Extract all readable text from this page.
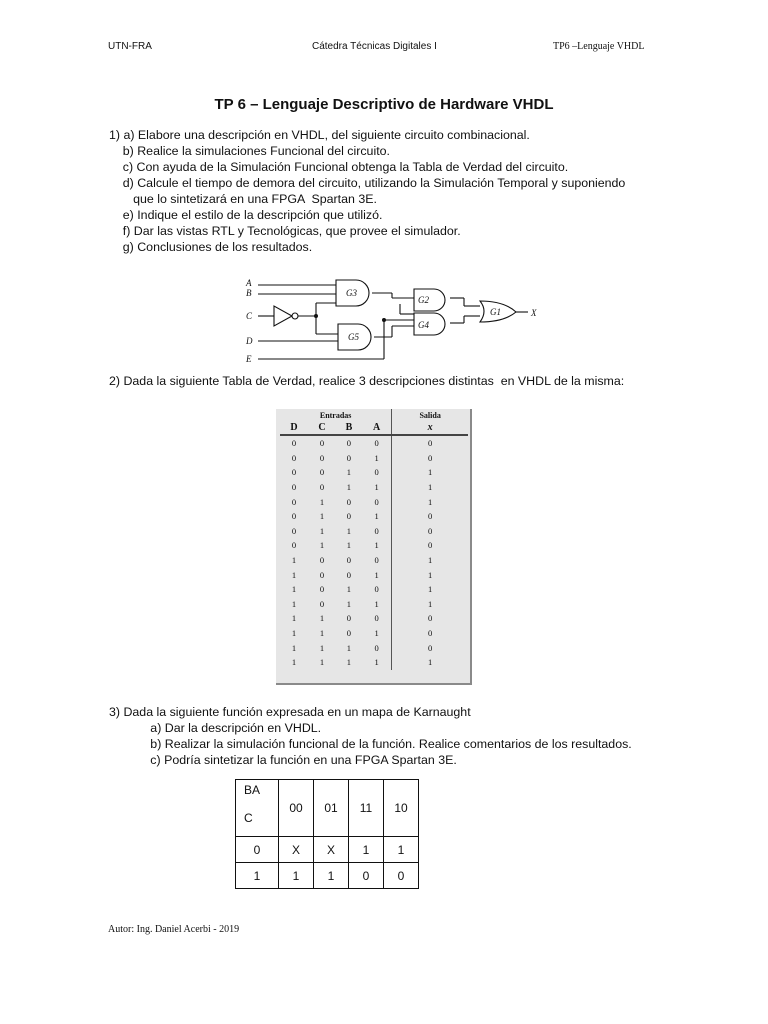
UTN-FRA	Cátedra Técnicas Digitales I	TP6 –Lenguaje VHDL
TP 6 – Lenguaje Descriptivo de Hardware VHDL
1) a) Elabore una descripción en VHDL, del siguiente circuito combinacional.
b) Realice la simulaciones Funcional del circuito.
c) Con ayuda de la Simulación Funcional obtenga la Tabla de Verdad del circuito.
d) Calcule el tiempo de demora del circuito, utilizando la Simulación Temporal y suponiendo
que lo sintetizará en una FPGA  Spartan 3E.
e) Indique el estilo de la descripción que utilizó.
f) Dar las vistas RTL y Tecnológicas, que provee el simulador.
g) Conclusiones de los resultados.
A
B
C
D
E
G3
G2
G1
G4
G5
X
2) Dada la siguiente Tabla de Verdad, realice 3 descripciones distintas  en VHDL de la misma:
Entradas				Salida
D	C	B	A	x
0	0	0	0	0
0	0	0	1	0
0	0	1	0	1
0	0	1	1	1
0	1	0	0	1
0	1	0	1	0
0	1	1	0	0
0	1	1	1	0
1	0	0	0	1
1	0	0	1	1
1	0	1	0	1
1	0	1	1	1
1	1	0	0	0
1	1	0	1	0
1	1	1	0	0
1	1	1	1	1
3) Dada la siguiente función expresada en un mapa de Karnaught
a) Dar la descripción en VHDL.
b) Realizar la simulación funcional de la función. Realice comentarios de los resultados.
c) Podría sintetizar la función en una FPGA Spartan 3E.
BA
C	00	01	11	10
0	X	X	1	1
1	1	1	0	0
Autor: Ing. Daniel Acerbi - 2019
